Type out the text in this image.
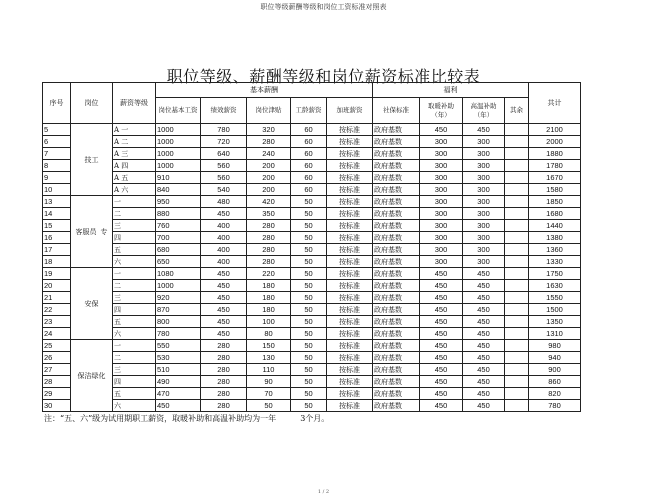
职位等级薪酬等级和岗位工资标准对照表
职位等级、薪酬等级和岗位薪资标准比较表
序号	岗位	薪资等级	基本薪酬					福利				共计
			岗位基本工资	绩效薪资	岗位津贴	工龄薪资	加班薪资	社保标准	取暖补助（年）	高温补助（年）	其余	
5	技工	A 一	1000	780	320	60	按标准	政府基数	450	450		2100
6		A 二	1000	720	280	60	按标准	政府基数	300	300		2000
7		A 三	1000	640	240	60	按标准	政府基数	300	300		1880
8		A 四	1000	560	200	60	按标准	政府基数	300	300		1780
9		A 五	910	560	200	60	按标准	政府基数	300	300		1670
10		A 六	840	540	200	60	按标准	政府基数	300	300		1580
13	客服员 专	一	950	480	420	50	按标准	政府基数	300	300		1850
14		二	880	450	350	50	按标准	政府基数	300	300		1680
15		三	760	400	280	50	按标准	政府基数	300	300		1440
16		四	700	400	280	50	按标准	政府基数	300	300		1380
17		五	680	400	280	50	按标准	政府基数	300	300		1360
18		六	650	400	280	50	按标准	政府基数	300	300		1330
19	安保	一	1080	450	220	50	按标准	政府基数	450	450		1750
20		二	1000	450	180	50	按标准	政府基数	450	450		1630
21		三	920	450	180	50	按标准	政府基数	450	450		1550
22		四	870	450	180	50	按标准	政府基数	450	450		1500
23		五	800	450	100	50	按标准	政府基数	450	450		1350
24		六	780	450	80	50	按标准	政府基数	450	450		1310
25	保洁绿化	一	550	280	150	50	按标准	政府基数	450	450		980
26		二	530	280	130	50	按标准	政府基数	450	450		940
27		三	510	280	110	50	按标准	政府基数	450	450		900
28		四	490	280	90	50	按标准	政府基数	450	450		860
29		五	470	280	70	50	按标准	政府基数	450	450		820
30		六	450	280	50	50	按标准	政府基数	450	450		780
注：“五、六”级为试用期职工薪资，取暖补助和高温补助均为一年	3个月。
1 / 2
